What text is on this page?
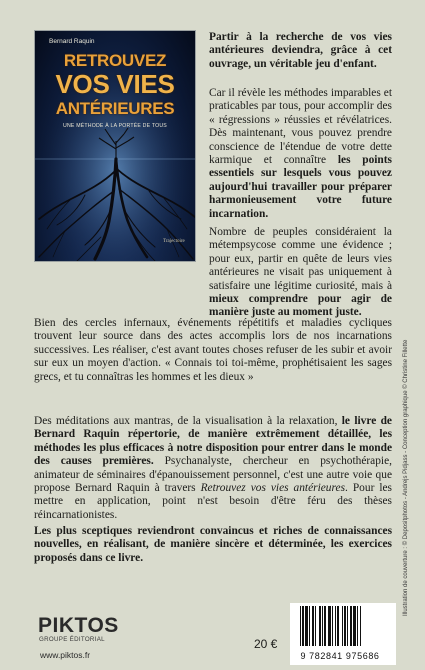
Bernard Raquin
RETROUVEZ
VOS VIES
ANTÉRIEURES
UNE MÉTHODE À LA PORTÉE DE TOUS
Trajectoire
Partir à la recherche de vos vies antérieures deviendra, grâce à cet ouvrage, un véritable jeu d'enfant.
Car il révèle les méthodes imparables et praticables par tous, pour accomplir des « régressions » réussies et révélatrices. Dès maintenant, vous pouvez prendre conscience de l'étendue de votre dette karmique et connaître les points essentiels sur lesquels vous pouvez aujourd'hui travailler pour préparer harmonieusement votre future incarnation.
Nombre de peuples considéraient la métempsycose comme une évidence ; pour eux, partir en quête de leurs vies antérieures ne visait pas uniquement à satisfaire une légitime curiosité, mais à mieux comprendre pour agir de manière juste au moment juste.
Bien des cercles infernaux, événements répétitifs et maladies cycliques trouvent leur source dans des actes accomplis lors de nos incarnations successives. Les réaliser, c'est avant toutes choses refuser de les subir et avoir sur eux un moyen d'action. « Connais toi toi-même, prophétisaient les sages grecs, et tu connaîtras les hommes et les dieux »
Des méditations aux mantras, de la visualisation à la relaxation, le livre de Bernard Raquin répertorie, de manière extrêmement détaillée, les méthodes les plus efficaces à notre disposition pour entrer dans le monde des causes premières. Psychanalyste, chercheur en psychothérapie, animateur de séminaires d'épanouissement personnel, c'est une autre voie que propose Bernard Raquin à travers Retrouvez vos vies antérieures. Pour les mettre en application, point n'est besoin d'être féru des thèses réincarnationistes.
Les plus sceptiques reviendront convaincus et riches de connaissances nouvelles, en réalisant, de manière sincère et déterminée, les exercices proposés dans ce livre.
PIKTOS
GROUPE ÉDITORIAL
www.piktos.fr
20 €
9 782841 975686
Illustration de couverture : © Depositphotos - Andrejs Pidjass - Conception graphique © Christine Fillette
